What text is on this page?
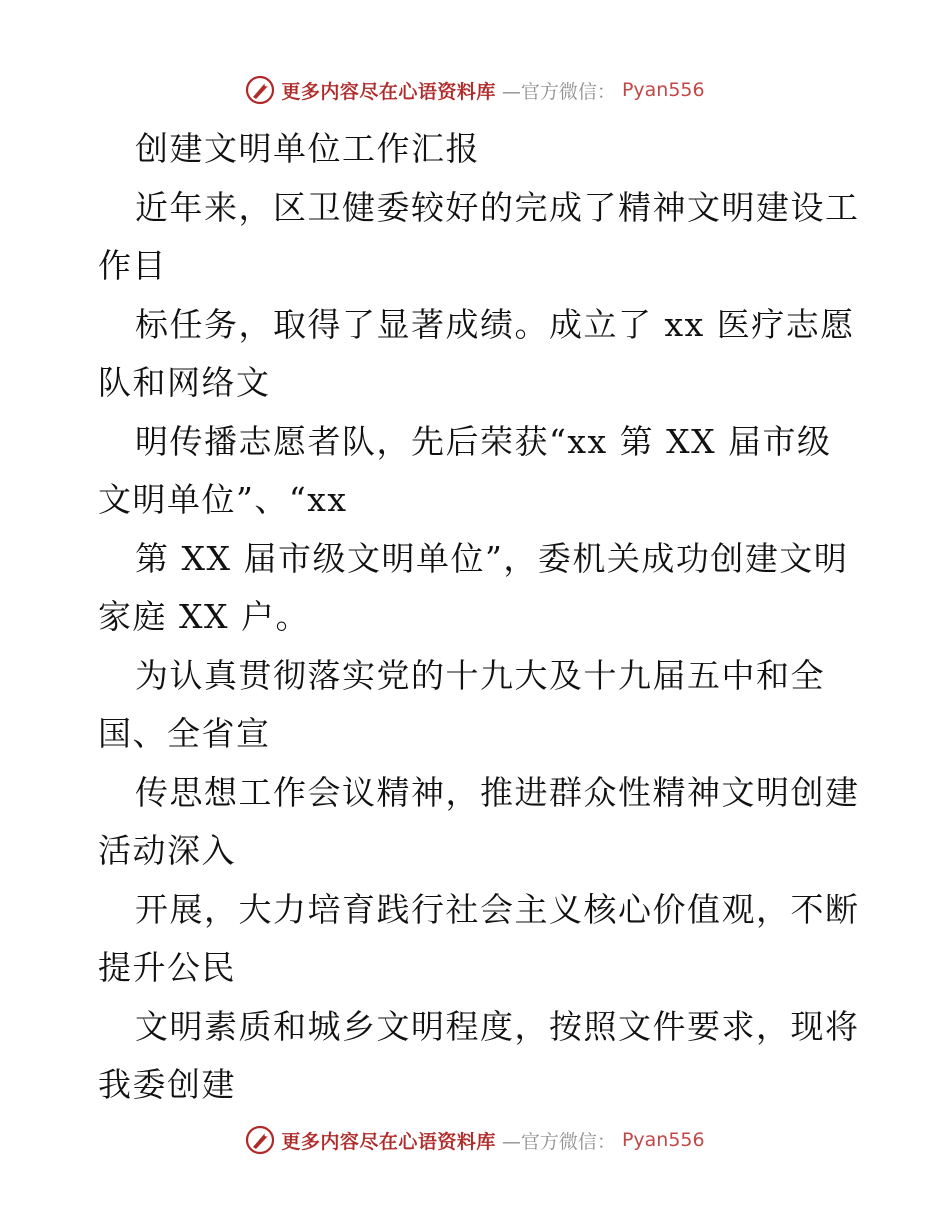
更多内容尽在心语资料库 —官方微信： Pyan556
创建文明单位工作汇报
近年来，区卫健委较好的完成了精神文明建设工
作目
标任务，取得了显著成绩。成立了 xx 医疗志愿
队和网络文
明传播志愿者队，先后荣获“xx 第 XX 届市级
文明单位”、“xx
第 XX 届市级文明单位”，委机关成功创建文明
家庭 XX 户。
为认真贯彻落实党的十九大及十九届五中和全
国、全省宣
传思想工作会议精神，推进群众性精神文明创建
活动深入
开展，大力培育践行社会主义核心价值观，不断
提升公民
文明素质和城乡文明程度，按照文件要求，现将
我委创建
更多内容尽在心语资料库 —官方微信： Pyan556
